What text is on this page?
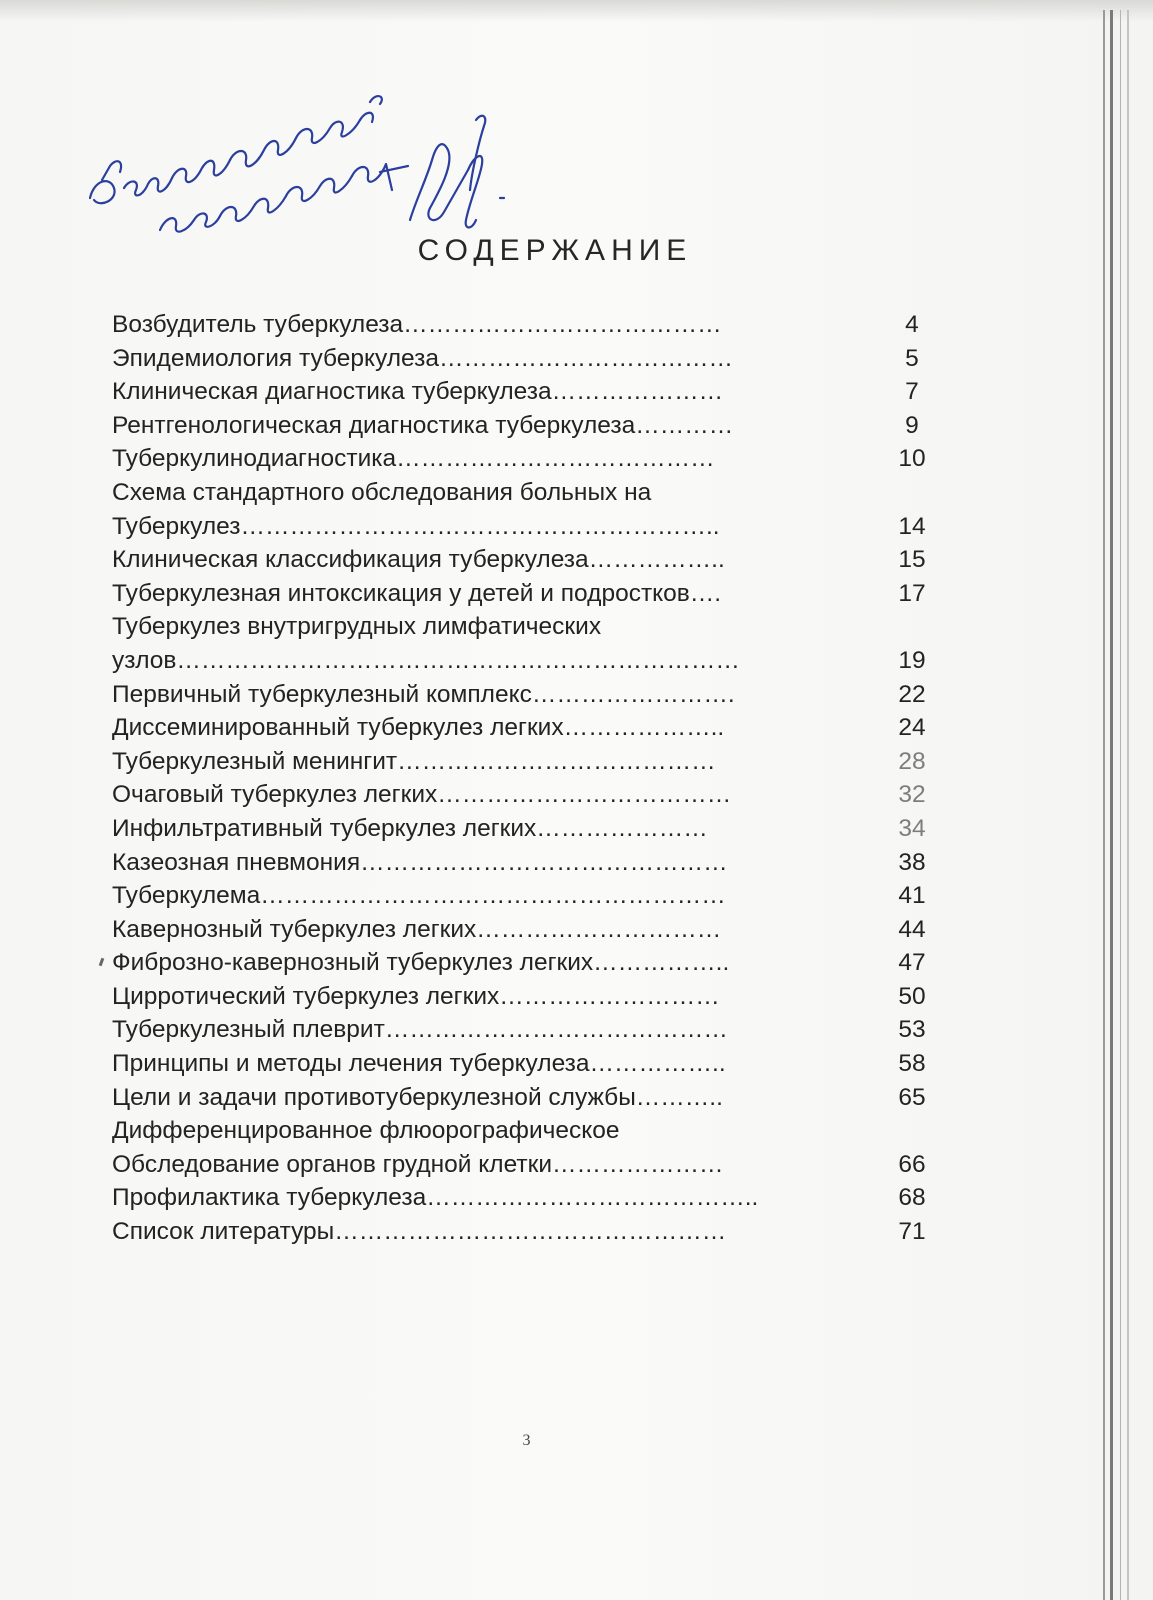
СОДЕРЖАНИЕ
Возбудитель туберкулеза…………………………………	4
Эпидемиология туберкулеза………………………………	5
Клиническая диагностика туберкулеза…………………	7
Рентгенологическая диагностика туберкулеза…………	9
Туберкулинодиагностика…………………………………	10
Схема стандартного обследования больных на
Туберкулез…………………………………………………..	14
Клиническая классификация туберкулеза……………..	15
Туберкулезная интоксикация у детей и подростков….	17
Туберкулез внутригрудных лимфатических
узлов……………………………………………………………	19
Первичный туберкулезный комплекс…………………….	22
Диссеминированный туберкулез легких………………..	24
Туберкулезный менингит…………………………………	28
Очаговый туберкулез легких………………………………	32
Инфильтративный туберкулез легких…………………	34
Казеозная пневмония………………………………………	38
Туберкулема…………………………………………………	41
Кавернозный туберкулез легких…………………………	44
Фиброзно-кавернозный туберкулез легких……………..	47
Цирротический туберкулез легких………………………	50
Туберкулезный плеврит……………………………………	53
Принципы и методы лечения туберкулеза……………..	58
Цели и задачи противотуберкулезной службы………..	65
Дифференцированное флюорографическое
Обследование органов грудной клетки…………………	66
Профилактика туберкулеза…………………………………..	68
Список литературы…………………………………………	71
3
